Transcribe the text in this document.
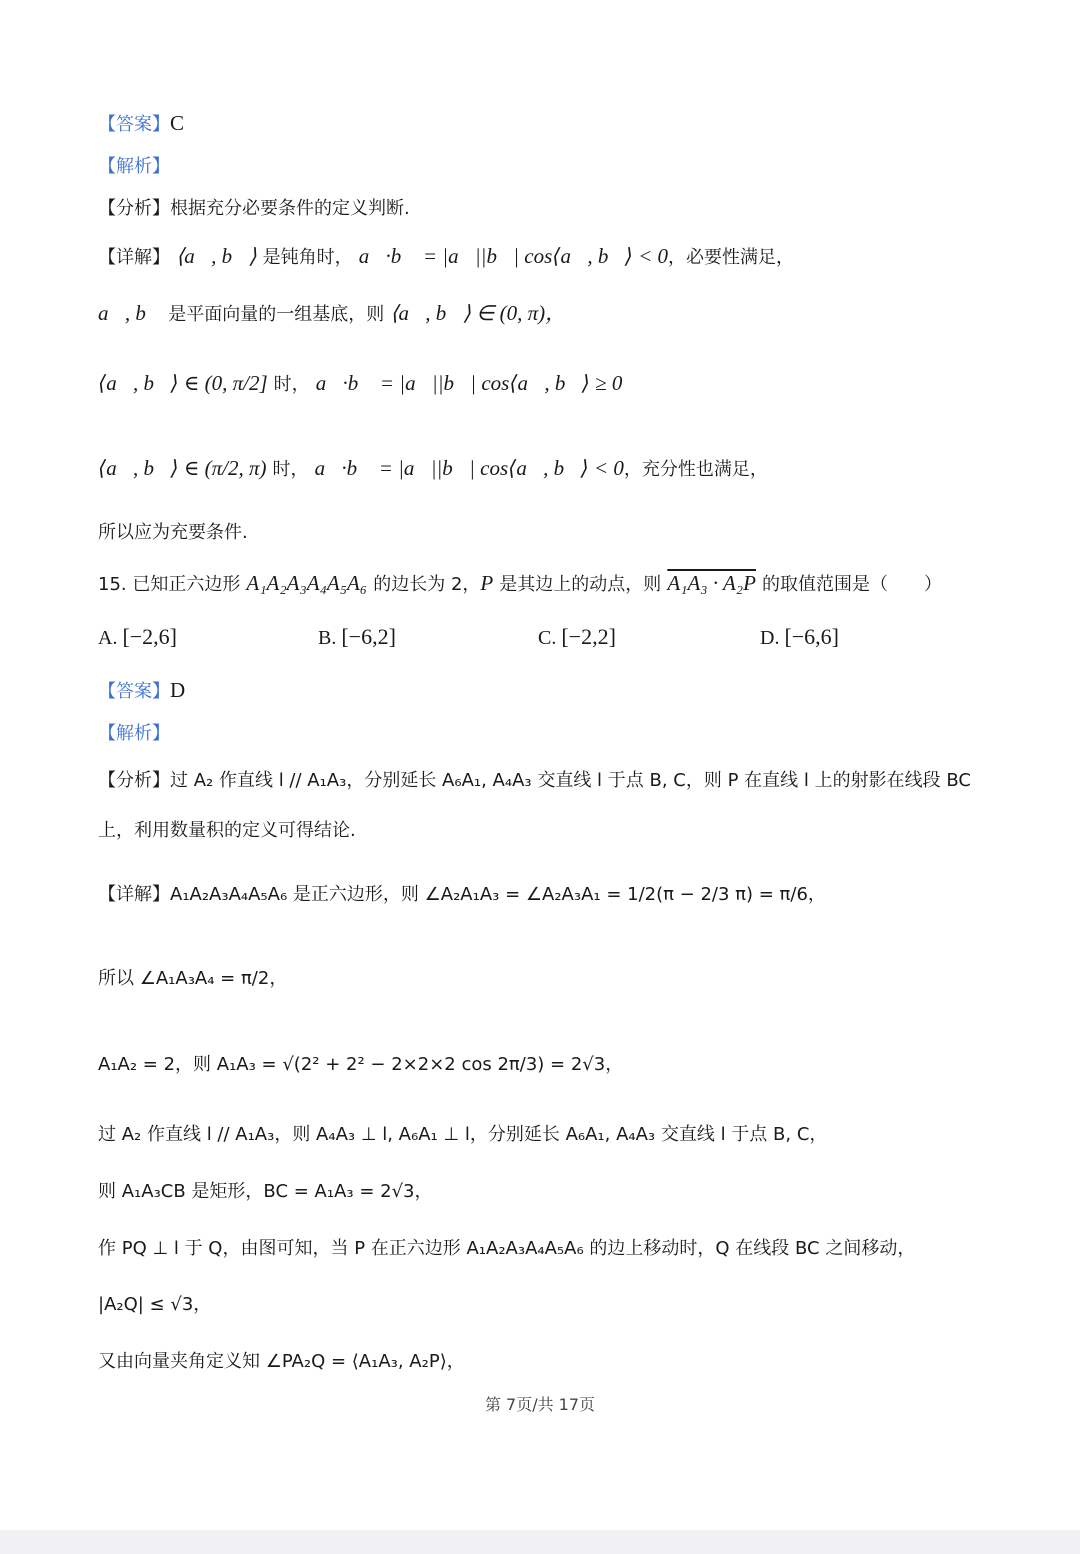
【答案】C
【解析】
【分析】根据充分必要条件的定义判断.
【详解】 ⟨a⃗, b⃗⟩ 是钝角时， a⃗·b⃗ = |a⃗||b⃗| cos⟨a⃗, b⃗⟩ < 0，必要性满足，
a⃗, b⃗ 是平面向量的一组基底，则 ⟨a⃗, b⃗⟩ ∈ (0, π)，
⟨a⃗, b⃗⟩ ∈ (0, π/2] 时， a⃗·b⃗ = |a⃗||b⃗| cos⟨a⃗, b⃗⟩ ≥ 0，
⟨a⃗, b⃗⟩ ∈ (π/2, π) 时， a⃗·b⃗ = |a⃗||b⃗| cos⟨a⃗, b⃗⟩ < 0，充分性也满足，
所以应为充要条件.
15. 已知正六边形 A₁A₂A₃A₄A₅A₆ 的边长为 2，P 是其边上的动点，则 A₁A₃ · A₂P 的取值范围是（　　）
A. [−2,6]	B. [−6,2]	C. [−2,2]	D. [−6,6]
【答案】D
【解析】
【分析】过 A₂ 作直线 l // A₁A₃，分别延长 A₆A₁, A₄A₃ 交直线 l 于点 B, C，则 P 在直线 l 上的射影在线段 BC
上，利用数量积的定义可得结论.
【详解】A₁A₂A₃A₄A₅A₆ 是正六边形，则 ∠A₂A₁A₃ = ∠A₂A₃A₁ = 1/2(π − 2/3 π) = π/6，
所以 ∠A₁A₃A₄ = π/2，
A₁A₂ = 2，则 A₁A₃ = √(2² + 2² − 2×2×2 cos 2π/3) = 2√3，
过 A₂ 作直线 l // A₁A₃，则 A₄A₃ ⊥ l, A₆A₁ ⊥ l，分别延长 A₆A₁, A₄A₃ 交直线 l 于点 B, C，
则 A₁A₃CB 是矩形，BC = A₁A₃ = 2√3，
作 PQ ⊥ l 于 Q，由图可知，当 P 在正六边形 A₁A₂A₃A₄A₅A₆ 的边上移动时，Q 在线段 BC 之间移动，
|A₂Q| ≤ √3，
又由向量夹角定义知 ∠PA₂Q = ⟨A₁A₃, A₂P⟩，
第 7页/共 17页
